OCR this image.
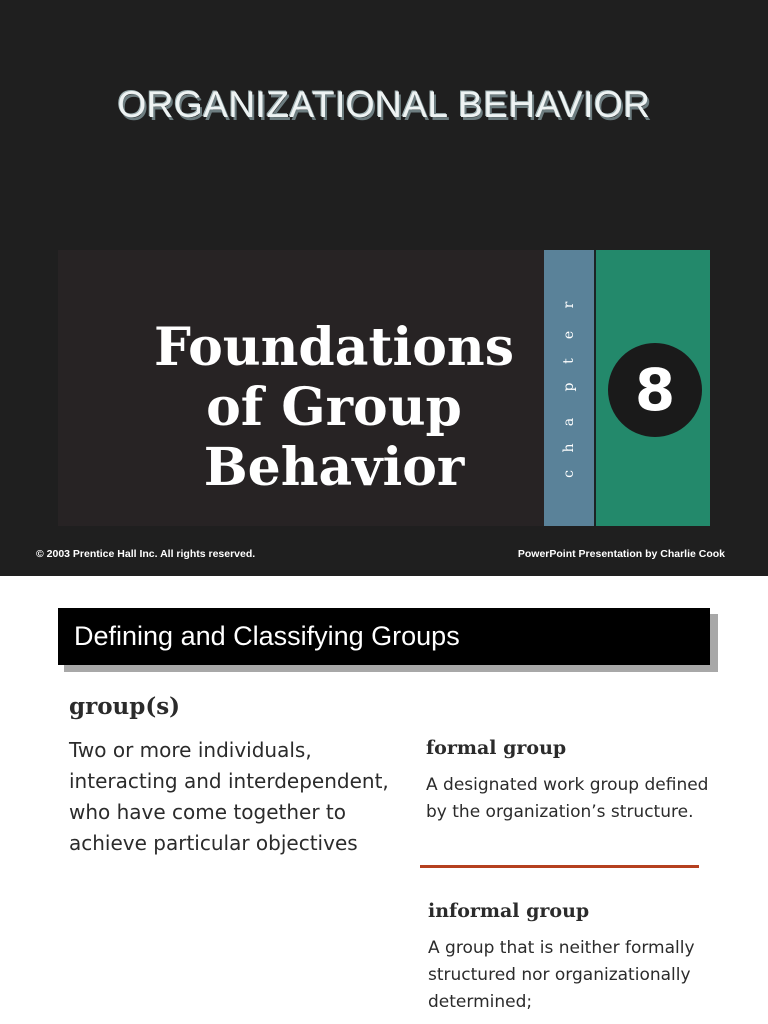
ORGANIZATIONAL BEHAVIOR
Foundations
of Group
Behavior	c
h
a
p
t
e
r
8
© 2003 Prentice Hall Inc. All rights reserved.	PowerPoint Presentation by Charlie Cook
Defining and Classifying Groups
group(s)
Two or more individuals, interacting and interdependent, who have come together to achieve particular objectives
formal group
A designated work group defined by the organization’s structure.
informal group
A group that is neither formally structured nor organizationally determined;
